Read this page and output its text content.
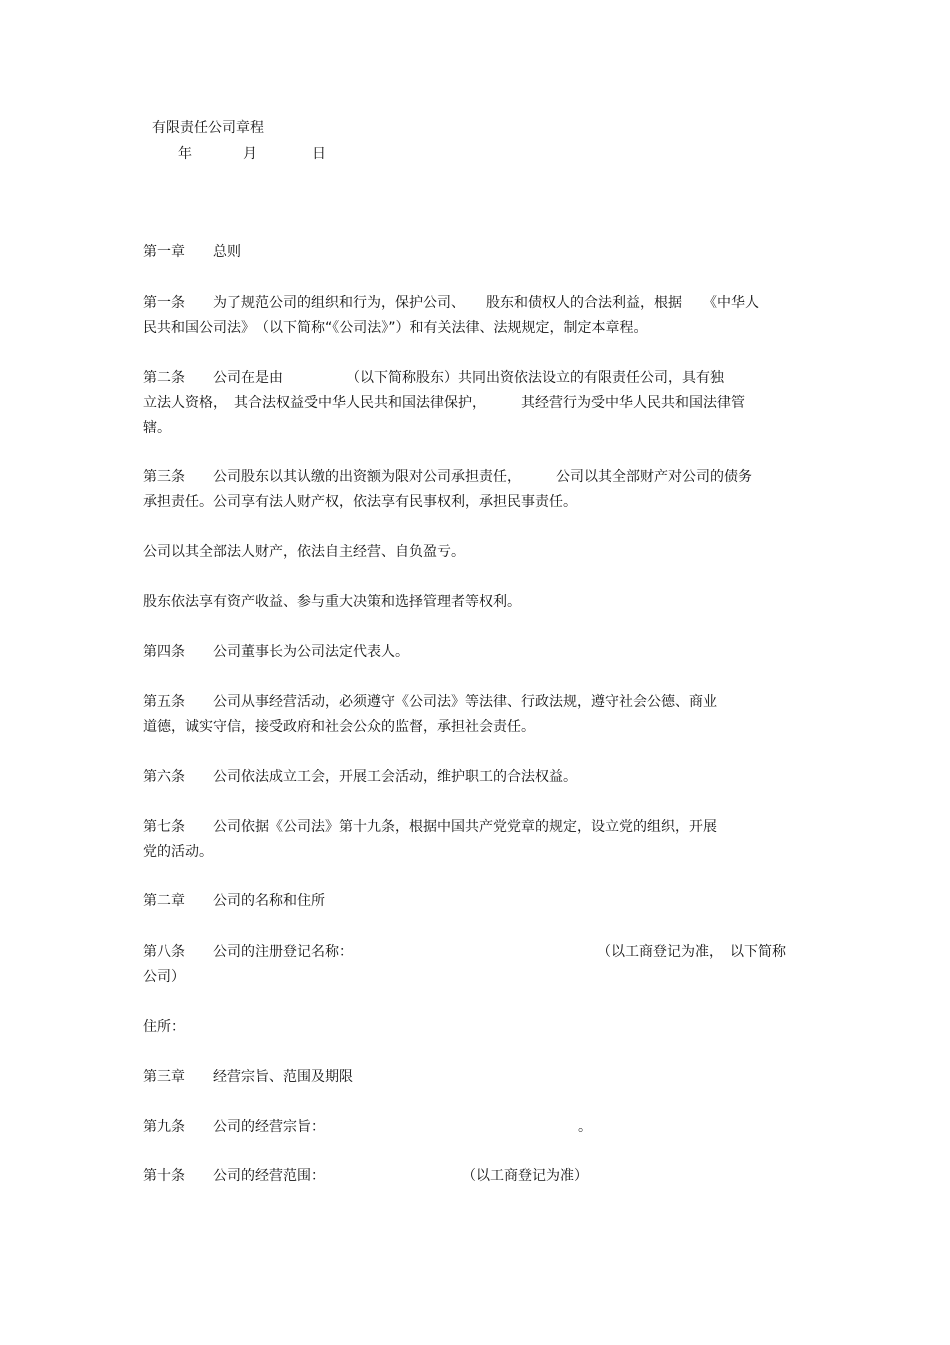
有限责任公司章程
年	月	日
第一章　　总则
第一条　　为了规范公司的组织和行为，保护公司、　　股东和债权人的合法利益，根据　　《中华人
民共和国公司法》　（以下简称“《公司法》”）和有关法律、法规规定，制定本章程。
第二条　　公司在是由　　　　　（以下简称股东）共同出资依法设立的有限责任公司，具有独
立法人资格，　其合法权益受中华人民共和国法律保护，　　　其经营行为受中华人民共和国法律管
辖。
第三条　　公司股东以其认缴的出资额为限对公司承担责任，　　　公司以其全部财产对公司的债务
承担责任。公司享有法人财产权，依法享有民事权利，承担民事责任。
公司以其全部法人财产，依法自主经营、自负盈亏。
股东依法享有资产收益、参与重大决策和选择管理者等权利。
第四条　　公司董事长为公司法定代表人。
第五条　　公司从事经营活动，必须遵守《公司法》等法律、行政法规，遵守社会公德、商业
道德，诚实守信，接受政府和社会公众的监督，承担社会责任。
第六条　　公司依法成立工会，开展工会活动，维护职工的合法权益。
第七条　　公司依据《公司法》第十九条，根据中国共产党党章的规定，设立党的组织，开展
党的活动。
第二章　　公司的名称和住所
第八条　　公司的注册登记名称：	（以工商登记为准，　以下简称
公司）
住所：
第三章　　经营宗旨、范围及期限
第九条　　公司的经营宗旨：	。
第十条　　公司的经营范围：	（以工商登记为准）
